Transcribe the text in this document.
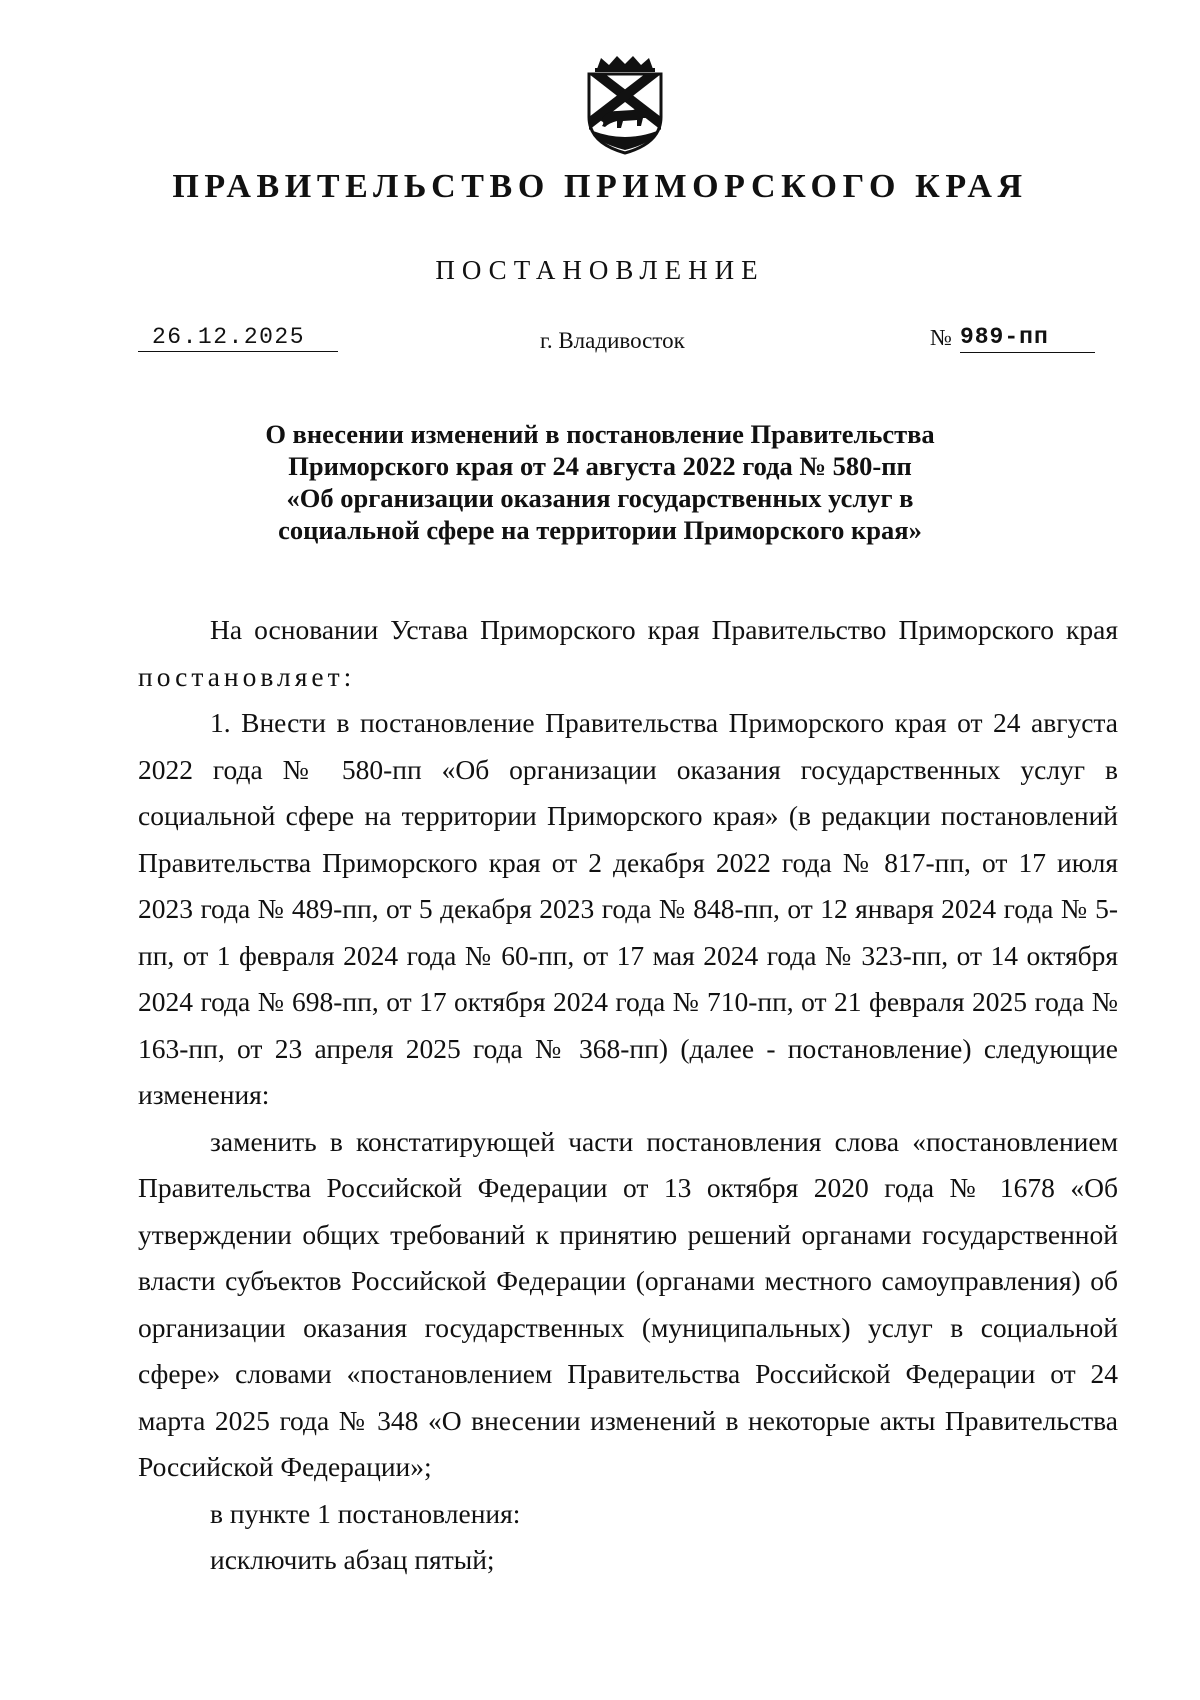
ПРАВИТЕЛЬСТВО ПРИМОРСКОГО КРАЯ
ПОСТАНОВЛЕНИЕ
26.12.2025	г. Владивосток	№ 989-пп
О внесении изменений в постановление Правительства
Приморского края от 24 августа 2022 года № 580-пп
«Об организации оказания государственных услуг в
социальной сфере на территории Приморского края»

На основании Устава Приморского края Правительство Приморского края постановляет:

1. Внести в постановление Правительства Приморского края от 24 августа 2022 года № 580-пп «Об организации оказания государственных услуг в социальной сфере на территории Приморского края» (в редакции постановлений Правительства Приморского края от 2 декабря 2022 года № 817-пп, от 17 июля 2023 года № 489-пп, от 5 декабря 2023 года № 848-пп, от 12 января 2024 года № 5-пп, от 1 февраля 2024 года № 60-пп, от 17 мая 2024 года № 323-пп, от 14 октября 2024 года № 698-пп, от 17 октября 2024 года № 710-пп, от 21 февраля 2025 года № 163-пп, от 23 апреля 2025 года № 368-пп) (далее - постановление) следующие изменения:

заменить в констатирующей части постановления слова «постановлением Правительства Российской Федерации от 13 октября 2020 года № 1678 «Об утверждении общих требований к принятию решений органами государственной власти субъектов Российской Федерации (органами местного самоуправления) об организации оказания государственных (муниципальных) услуг в социальной сфере» словами «постановлением Правительства Российской Федерации от 24 марта 2025 года № 348 «О внесении изменений в некоторые акты Правительства Российской Федерации»;

в пункте 1 постановления:

исключить абзац пятый;
